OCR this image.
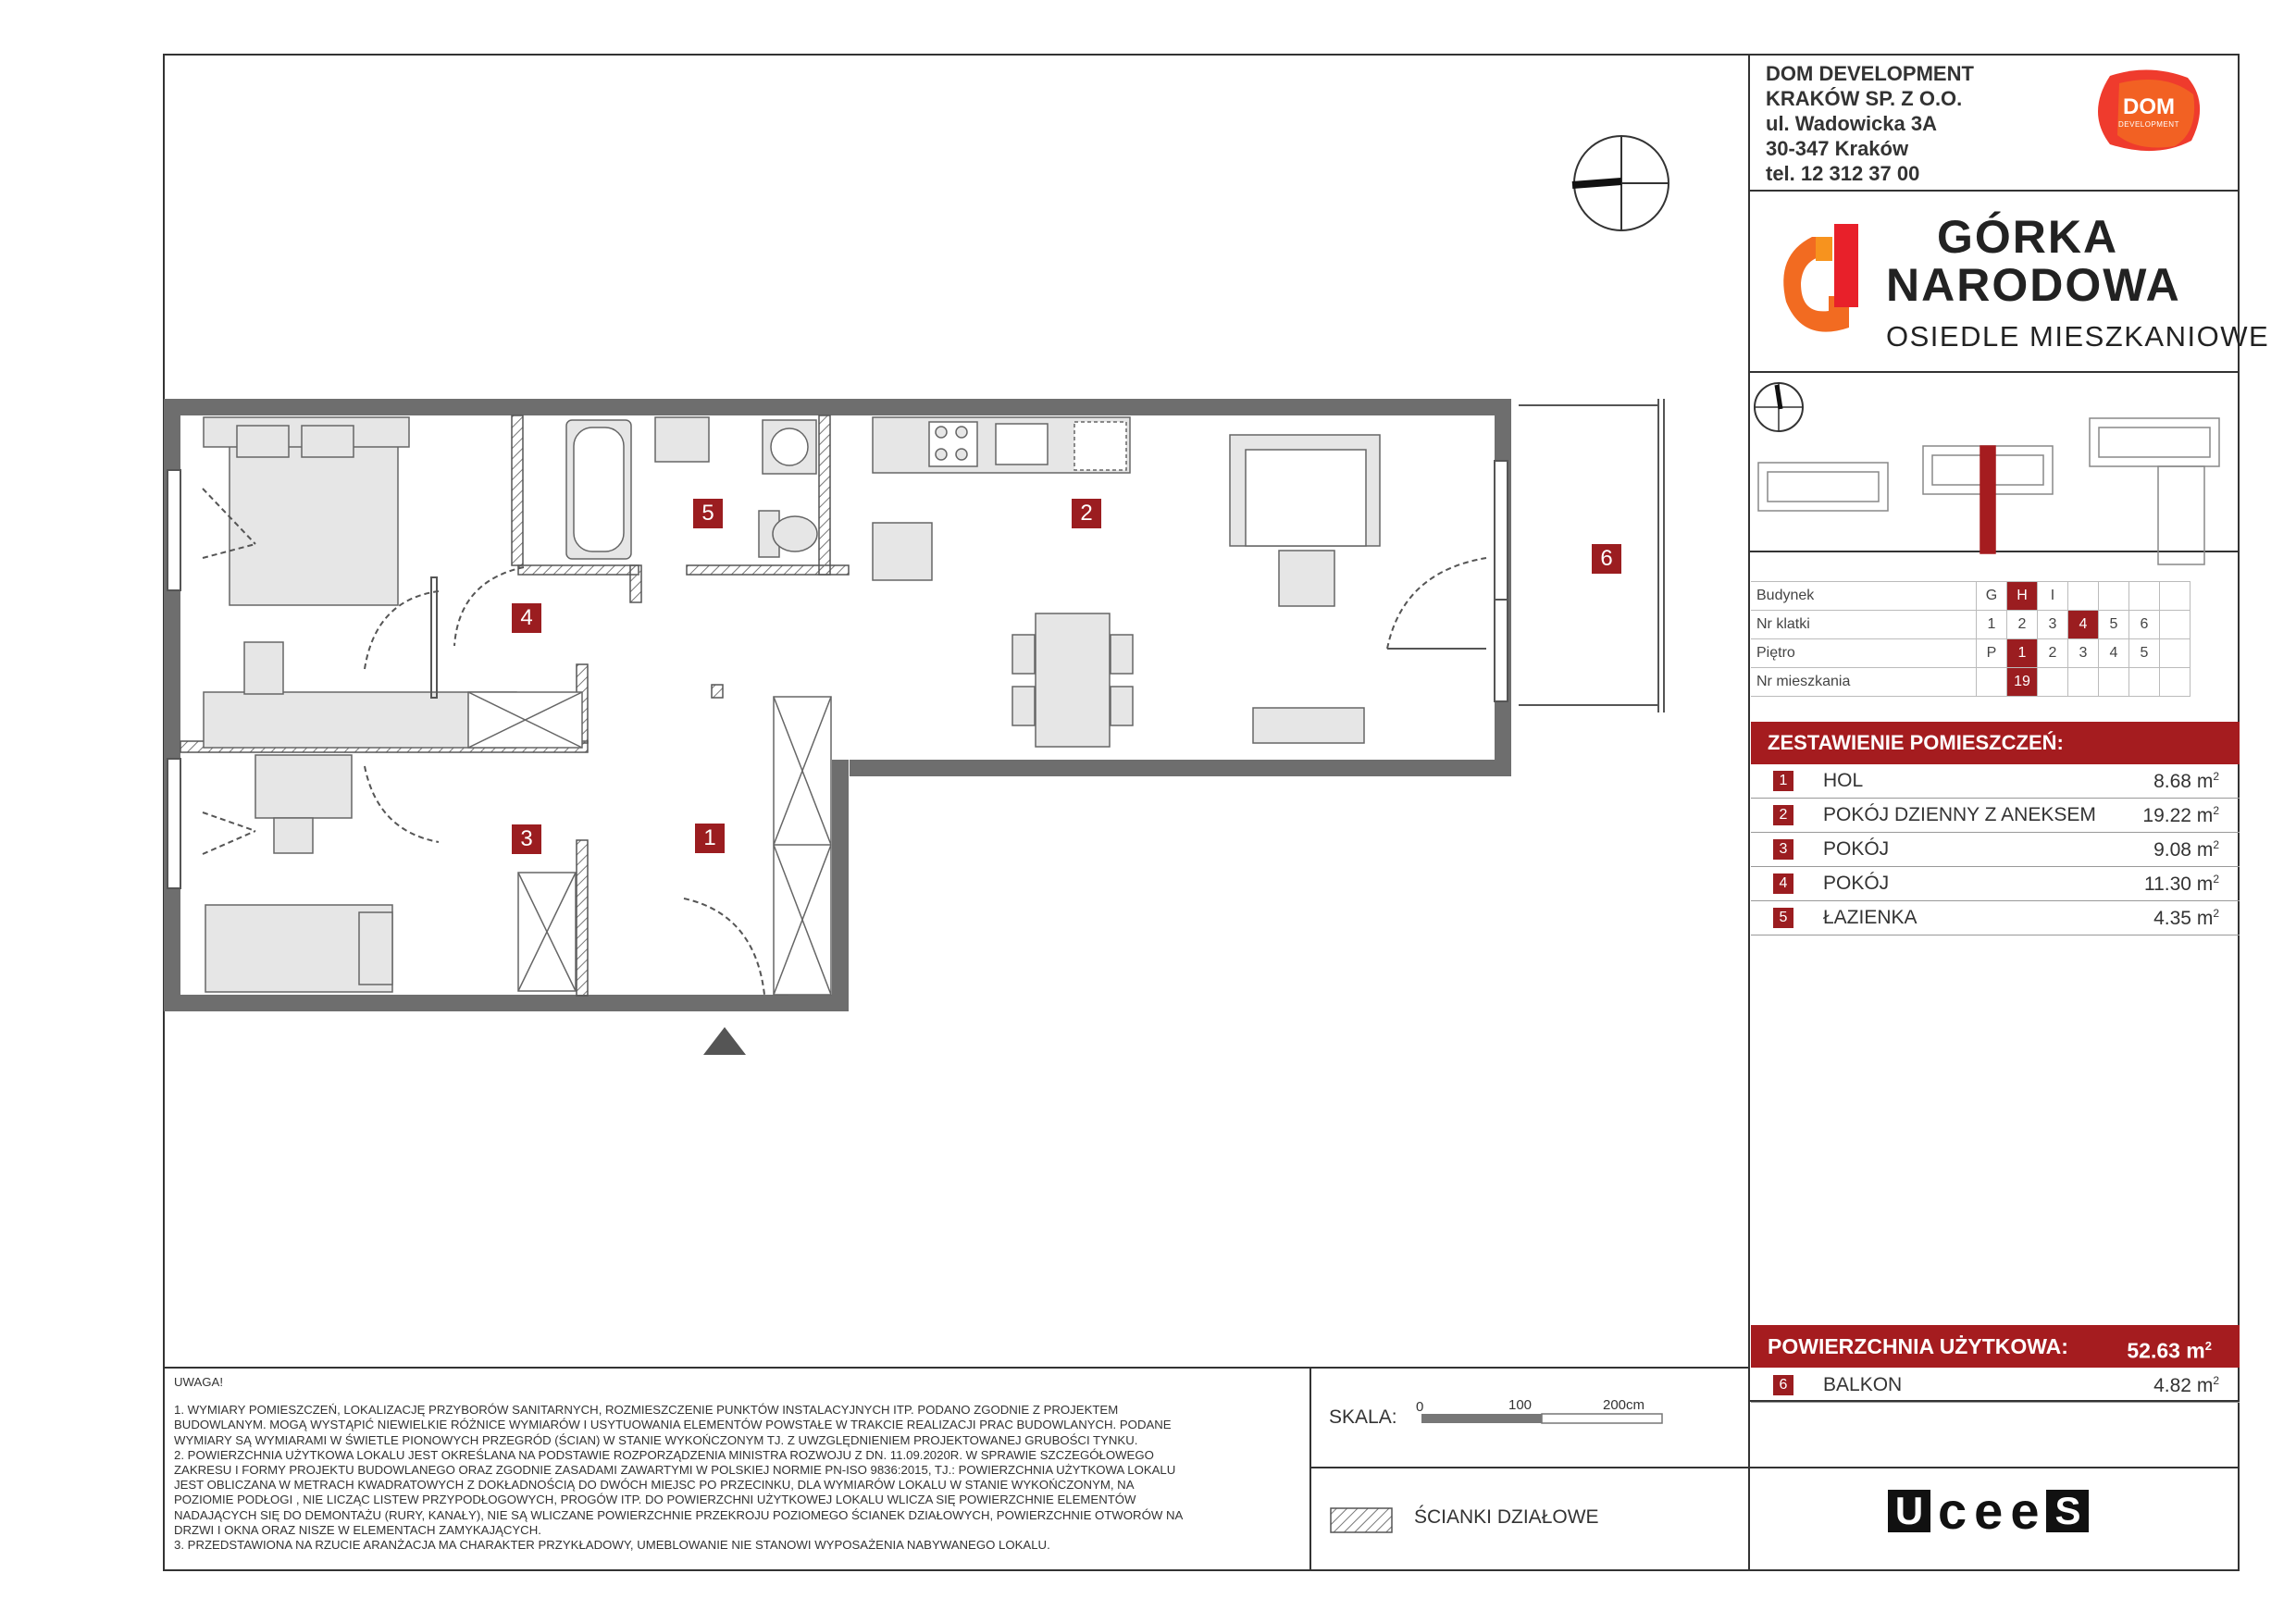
1
2
3
4
5
6
DOM DEVELOPMENT
KRAKÓW SP. Z O.O.
ul. Wadowicka 3A
30-347 Kraków
tel. 12 312 37 00
DOM
DEVELOPMENT
GÓRKA
NARODOWA
OSIEDLE MIESZKANIOWE
Budynek	G	H	I				
Nr klatki	1	2	3	4	5	6	
Piętro	P	1	2	3	4	5	
Nr mieszkania		19					
ZESTAWIENIE POMIESZCZEŃ:
1	HOL	8.68 $m^2$
2	POKÓJ DZIENNY Z ANEKSEM 19.22 $m^2$
3	POKÓJ	9.08 $m^2$
4	POKÓJ	11.30 $m^2$
5	ŁAZIENKA	4.35 $m^2$
POWIERZCHNIA UŻYTKOWA:	52.63 $m^2$
6	BALKON	4.82 $m^2$
UWAGA!
1. WYMIARY POMIESZCZEŃ, LOKALIZACJĘ PRZYBORÓW SANITARNYCH, ROZMIESZCZENIE PUNKTÓW INSTALACYJNYCH ITP. PODANO ZGODNIE Z PROJEKTEM
BUDOWLANYM. MOGĄ WYSTĄPIĆ NIEWIELKIE RÓŻNICE WYMIARÓW I USYTUOWANIA ELEMENTÓW POWSTAŁE W TRAKCIE REALIZACJI PRAC BUDOWLANYCH. PODANE
WYMIARY SĄ WYMIARAMI W ŚWIETLE PIONOWYCH PRZEGRÓD (ŚCIAN) W STANIE WYKOŃCZONYM TJ. Z UWZGLĘDNIENIEM PROJEKTOWANEJ GRUBOŚCI TYNKU.
2. POWIERZCHNIA UŻYTKOWA LOKALU JEST OKREŚLANA NA PODSTAWIE ROZPORZĄDZENIA MINISTRA ROZWOJU Z DN. 11.09.2020R. W SPRAWIE SZCZEGÓŁOWEGO
ZAKRESU I FORMY PROJEKTU BUDOWLANEGO ORAZ ZGODNIE ZASADAMI ZAWARTYMI W POLSKIEJ NORMIE PN-ISO 9836:2015, TJ.: POWIERZCHNIA UŻYTKOWA LOKALU
JEST OBLICZANA W METRACH KWADRATOWYCH Z DOKŁADNOŚCIĄ DO DWÓCH MIEJSC PO PRZECINKU, DLA WYMIARÓW LOKALU W STANIE WYKOŃCZONYM, NA
POZIOMIE PODŁOGI , NIE LICZĄC LISTEW PRZYPODŁOGOWYCH, PROGÓW ITP. DO POWIERZCHNI UŻYTKOWEJ LOKALU WLICZA SIĘ POWIERZCHNIE ELEMENTÓW
NADAJĄCYCH SIĘ DO DEMONTAŻU (RURY, KANAŁY), NIE SĄ WLICZANE POWIERZCHNIE PRZEKROJU POZIOMEGO ŚCIANEK DZIAŁOWYCH, POWIERZCHNIE OTWORÓW NA
DRZWI I OKNA ORAZ NISZE W ELEMENTACH ZAMYKAJĄCYCH.
3. PRZEDSTAWIONA NA RZUCIE ARANŻACJA MA CHARAKTER PRZYKŁADOWY, UMEBLOWANIE NIE STANOWI WYPOSAŻENIA NABYWANEGO LOKALU.
SKALA: 0	100	200cm
ŚCIANKI DZIAŁOWE	U c e e S
